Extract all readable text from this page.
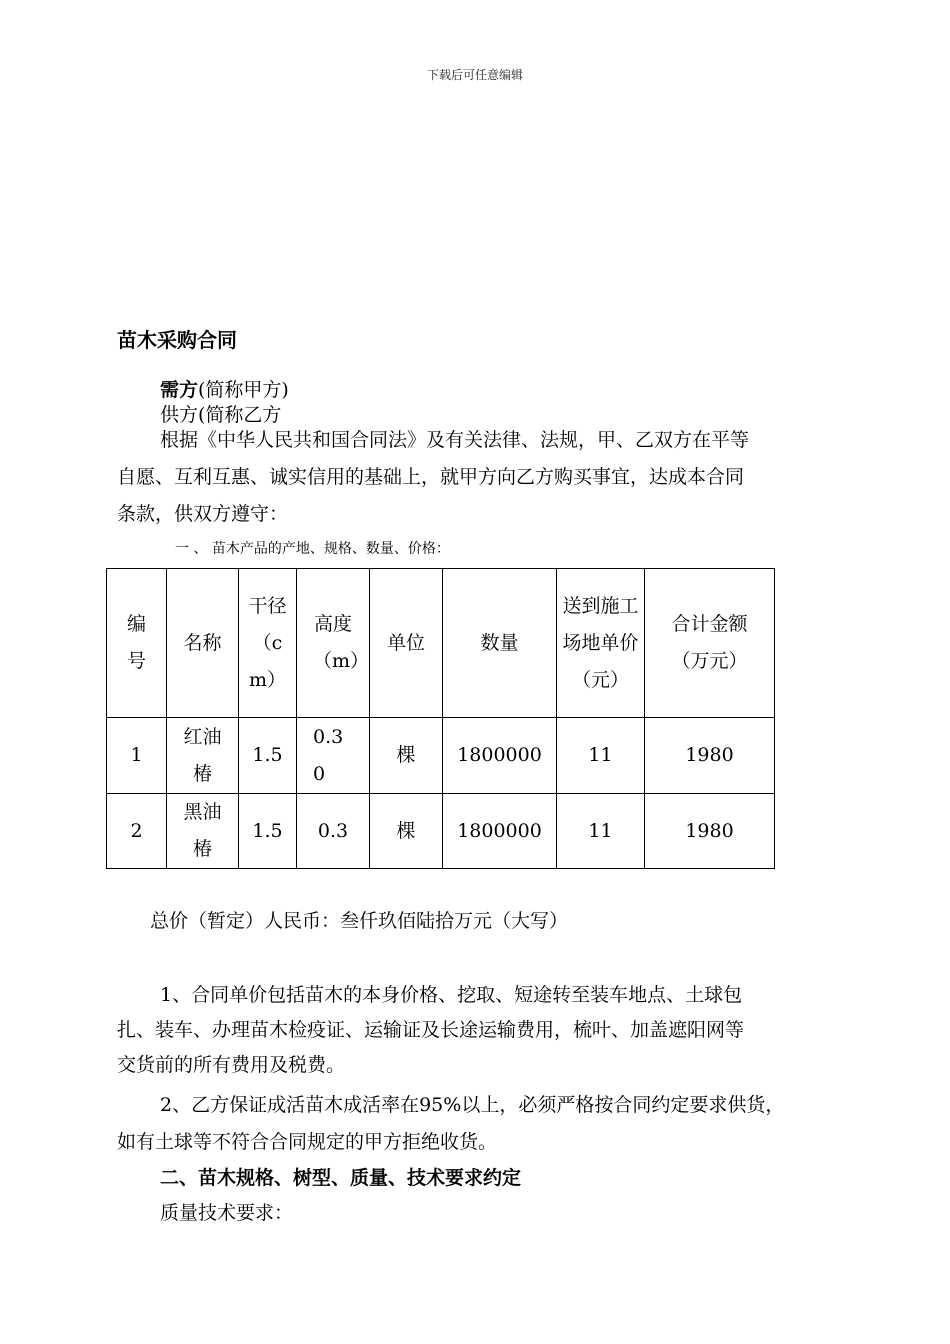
下载后可任意编辑
苗木采购合同
需方(简称甲方)
供方(简称乙方
根据《中华人民共和国合同法》及有关法律、法规，甲、乙双方在平等
自愿、互利互惠、诚实信用的基础上，就甲方向乙方购买事宜，达成本合同
条款，供双方遵守：
一 、 苗木产品的产地、规格、数量、价格：
编号	名称	干径（cm）	高度（m）	单位	数量	送到施工场地单价（元）	合计金额（万元）

1	红油椿	1.5	0.30	棵	1800000	11	1980

2	黑油椿	1.5	0.3	棵	1800000	11	1980
总价（暂定）人民币：叁仟玖佰陆拾万元（大写）
1、合同单价包括苗木的本身价格、挖取、短途转至装车地点、土球包
扎、装车、办理苗木检疫证、运输证及长途运输费用，梳叶、加盖遮阳网等
交货前的所有费用及税费。
2、乙方保证成活苗木成活率在95%以上，必须严格按合同约定要求供货，
如有土球等不符合合同规定的甲方拒绝收货。
二、苗木规格、树型、质量、技术要求约定
质量技术要求：
